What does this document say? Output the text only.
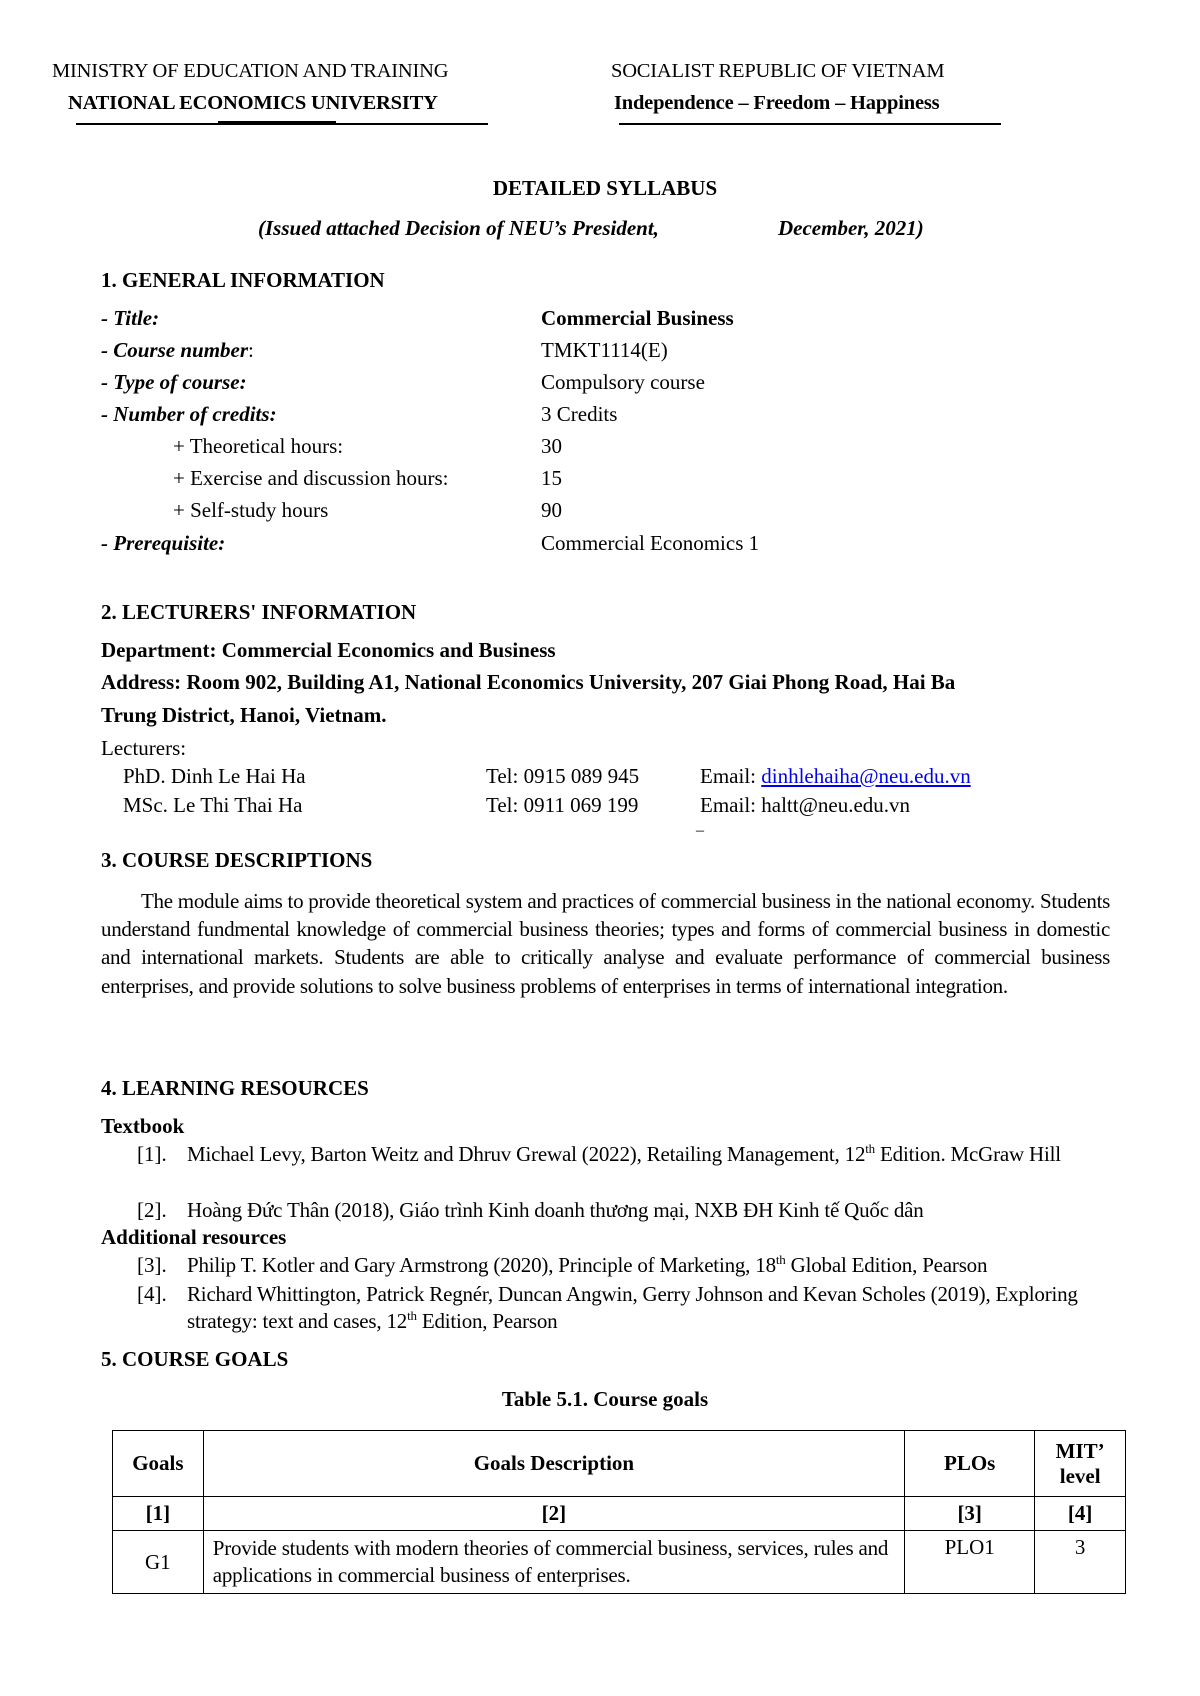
MINISTRY OF EDUCATION AND TRAINING
NATIONAL ECONOMICS UNIVERSITY
SOCIALIST REPUBLIC OF VIETNAM
Independence – Freedom – Happiness
DETAILED SYLLABUS
(Issued attached Decision of NEU’s President,	December, 2021)
1. GENERAL INFORMATION
- Title:	Commercial Business
- Course number:	TMKT1114(E)
- Type of course:	Compulsory course
- Number of credits:	3 Credits
+ Theoretical hours:	30
+ Exercise and discussion hours:	15
+ Self-study hours	90
- Prerequisite:	Commercial Economics 1
2. LECTURERS' INFORMATION
Department: Commercial Economics and Business
Address: Room 902, Building A1, National Economics University, 207 Giai Phong Road, Hai Ba
Trung District, Hanoi, Vietnam.
Lecturers:
PhD. Dinh Le Hai Ha	Tel: 0915 089 945	Email: dinhlehaiha@neu.edu.vn
MSc. Le Thi Thai Ha	Tel: 0911 069 199	Email: haltt@neu.edu.vn
–
3. COURSE DESCRIPTIONS
The module aims to provide theoretical system and practices of commercial business in the national economy. Students understand fundmental knowledge of commercial business theories; types and forms of commercial business in domestic and international markets. Students are able to critically analyse and evaluate performance of commercial business enterprises, and provide solutions to solve business problems of enterprises in terms of international integration.
4. LEARNING RESOURCES
Textbook
[1]. Michael Levy, Barton Weitz and Dhruv Grewal (2022), Retailing Management, 12th Edition. McGraw Hill
[2]. Hoàng Đức Thân (2018), Giáo trình Kinh doanh thương mại, NXB ĐH Kinh tế Quốc dân
Additional resources
[3]. Philip T. Kotler and Gary Armstrong (2020), Principle of Marketing, 18th Global Edition, Pearson
[4]. Richard Whittington, Patrick Regnér, Duncan Angwin, Gerry Johnson and Kevan Scholes (2019), Exploring strategy: text and cases, 12th Edition, Pearson
5. COURSE GOALS
Table 5.1. Course goals
Goals	Goals Description	PLOs	MIT’ level
[1]	[2]	[3]	[4]
G1	Provide students with modern theories of commercial business, services, rules and applications in commercial business of enterprises.	PLO1	3
